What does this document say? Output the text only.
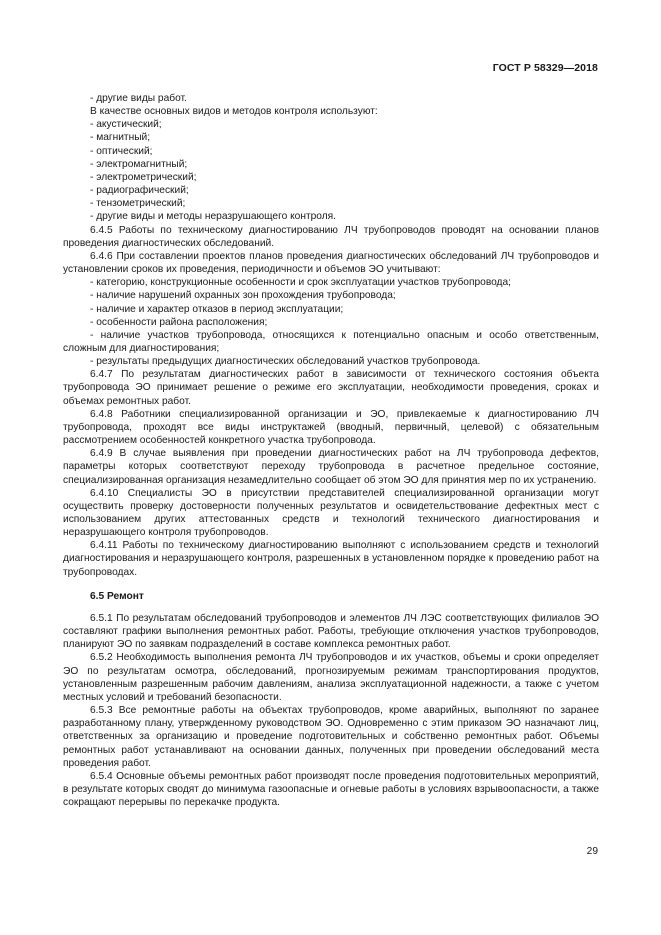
ГОСТ Р 58329—2018
- другие виды работ.
В качестве основных видов и методов контроля используют:
- акустический;
- магнитный;
- оптический;
- электромагнитный;
- электрометрический;
- радиографический;
- тензометрический;
- другие виды и методы неразрушающего контроля.
6.4.5 Работы по техническому диагностированию ЛЧ трубопроводов проводят на основании планов проведения диагностических обследований.
6.4.6 При составлении проектов планов проведения диагностических обследований ЛЧ трубопроводов и установлении сроков их проведения, периодичности и объемов ЭО учитывают:
- категорию, конструкционные особенности и срок эксплуатации участков трубопровода;
- наличие нарушений охранных зон прохождения трубопровода;
- наличие и характер отказов в период эксплуатации;
- особенности района расположения;
- наличие участков трубопровода, относящихся к потенциально опасным и особо ответственным, сложным для диагностирования;
- результаты предыдущих диагностических обследований участков трубопровода.
6.4.7 По результатам диагностических работ в зависимости от технического состояния объекта трубопровода ЭО принимает решение о режиме его эксплуатации, необходимости проведения, сроках и объемах ремонтных работ.
6.4.8 Работники специализированной организации и ЭО, привлекаемые к диагностированию ЛЧ трубопровода, проходят все виды инструктажей (вводный, первичный, целевой) с обязательным рассмотрением особенностей конкретного участка трубопровода.
6.4.9 В случае выявления при проведении диагностических работ на ЛЧ трубопровода дефектов, параметры которых соответствуют переходу трубопровода в расчетное предельное состояние, специализированная организация незамедлительно сообщает об этом ЭО для принятия мер по их устранению.
6.4.10 Специалисты ЭО в присутствии представителей специализированной организации могут осуществить проверку достоверности полученных результатов и освидетельствование дефектных мест с использованием других аттестованных средств и технологий технического диагностирования и неразрушающего контроля трубопроводов.
6.4.11 Работы по техническому диагностированию выполняют с использованием средств и технологий диагностирования и неразрушающего контроля, разрешенных в установленном порядке к проведению работ на трубопроводах.
6.5 Ремонт
6.5.1 По результатам обследований трубопроводов и элементов ЛЧ ЛЭС соответствующих филиалов ЭО составляют графики выполнения ремонтных работ. Работы, требующие отключения участков трубопроводов, планируют ЭО по заявкам подразделений в составе комплекса ремонтных работ.
6.5.2 Необходимость выполнения ремонта ЛЧ трубопроводов и их участков, объемы и сроки определяет ЭО по результатам осмотра, обследований, прогнозируемым режимам транспортирования продуктов, установленным разрешенным рабочим давлениям, анализа эксплуатационной надежности, а также с учетом местных условий и требований безопасности.
6.5.3 Все ремонтные работы на объектах трубопроводов, кроме аварийных, выполняют по заранее разработанному плану, утвержденному руководством ЭО. Одновременно с этим приказом ЭО назначают лиц, ответственных за организацию и проведение подготовительных и собственно ремонтных работ. Объемы ремонтных работ устанавливают на основании данных, полученных при проведении обследований места проведения работ.
6.5.4 Основные объемы ремонтных работ производят после проведения подготовительных мероприятий, в результате которых сводят до минимума газоопасные и огневые работы в условиях взрывоопасности, а также сокращают перерывы по перекачке продукта.
29
